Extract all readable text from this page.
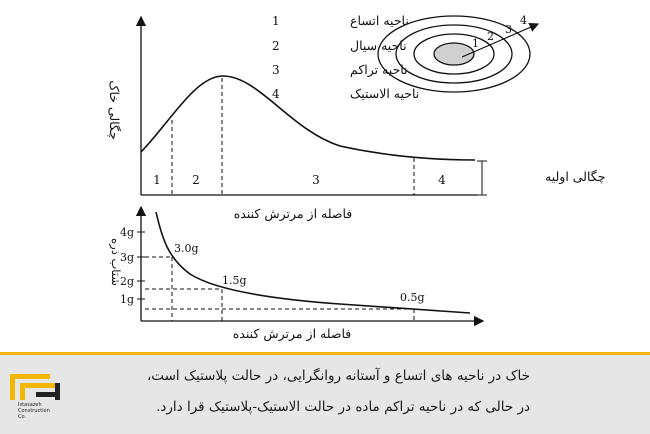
1	2	3	4	چگالی اولیه
چگالی خاک
فاصله از مرترش کننده
ناحیه اتساع
1
ناحیه سیال
2
ناحیه تراکم
3
ناحیه الاستیک
4
1
2
3
4
4g
3g
2g
1g
3.0g
1.5g
0.5g
شتاب ذره
فاصله از مرترش کننده
خاک در ناحیه های اتساع و آستانه روانگرایی، در حالت پلاستیک است،
در حالی که در ناحیه تراکم ماده در حالت الاستیک-پلاستیک قرا دارد.
Istasazeh
Construction
Co.
